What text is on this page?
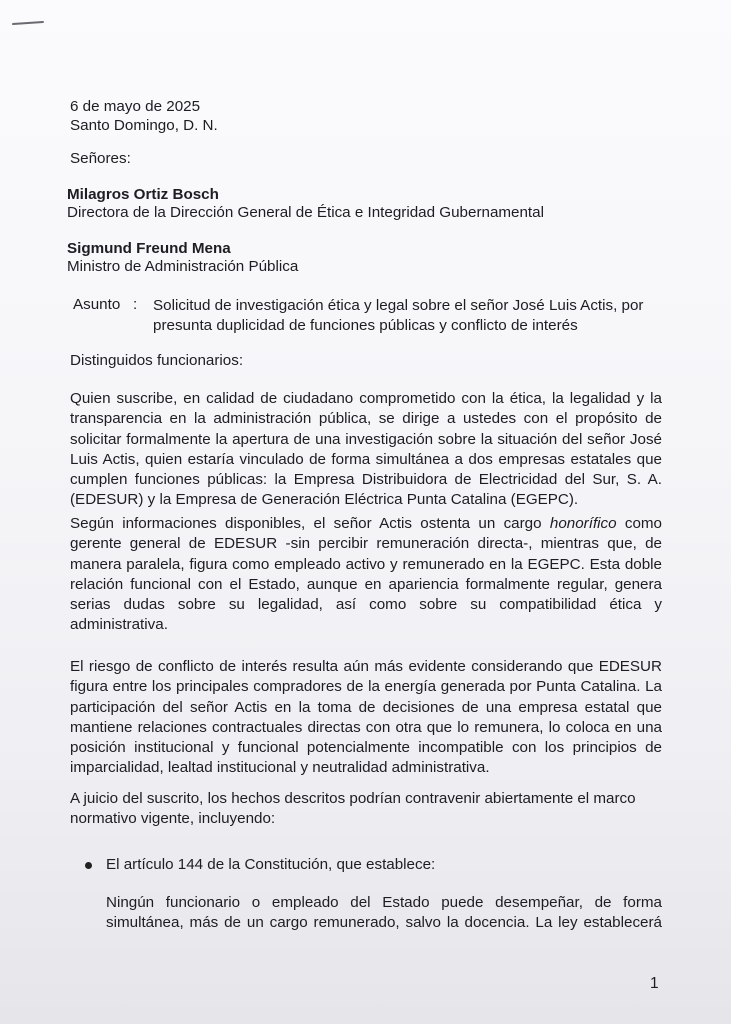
6 de mayo de 2025
Santo Domingo, D. N.
Señores:
Milagros Ortiz Bosch
Directora de la Dirección General de Ética e Integridad Gubernamental
Sigmund Freund Mena
Ministro de Administración Pública
Asunto : Solicitud de investigación ética y legal sobre el señor José Luis Actis, por
presunta duplicidad de funciones públicas y conflicto de interés
Distinguidos funcionarios:
Quien suscribe, en calidad de ciudadano comprometido con la ética, la legalidad y la
transparencia en la administración pública, se dirige a ustedes con el propósito de
solicitar formalmente la apertura de una investigación sobre la situación del señor José
Luis Actis, quien estaría vinculado de forma simultánea a dos empresas estatales que
cumplen funciones públicas: la Empresa Distribuidora de Electricidad del Sur, S. A.
(EDESUR) y la Empresa de Generación Eléctrica Punta Catalina (EGEPC).
Según informaciones disponibles, el señor Actis ostenta un cargo honorífico como
gerente general de EDESUR -sin percibir remuneración directa-, mientras que, de
manera paralela, figura como empleado activo y remunerado en la EGEPC. Esta doble
relación funcional con el Estado, aunque en apariencia formalmente regular, genera
serias dudas sobre su legalidad, así como sobre su compatibilidad ética y
administrativa.
El riesgo de conflicto de interés resulta aún más evidente considerando que EDESUR
figura entre los principales compradores de la energía generada por Punta Catalina. La
participación del señor Actis en la toma de decisiones de una empresa estatal que
mantiene relaciones contractuales directas con otra que lo remunera, lo coloca en una
posición institucional y funcional potencialmente incompatible con los principios de
imparcialidad, lealtad institucional y neutralidad administrativa.
A juicio del suscrito, los hechos descritos podrían contravenir abiertamente el marco
normativo vigente, incluyendo:
El artículo 144 de la Constitución, que establece:
Ningún funcionario o empleado del Estado puede desempeñar, de forma
simultánea, más de un cargo remunerado, salvo la docencia. La ley establecerá
1
